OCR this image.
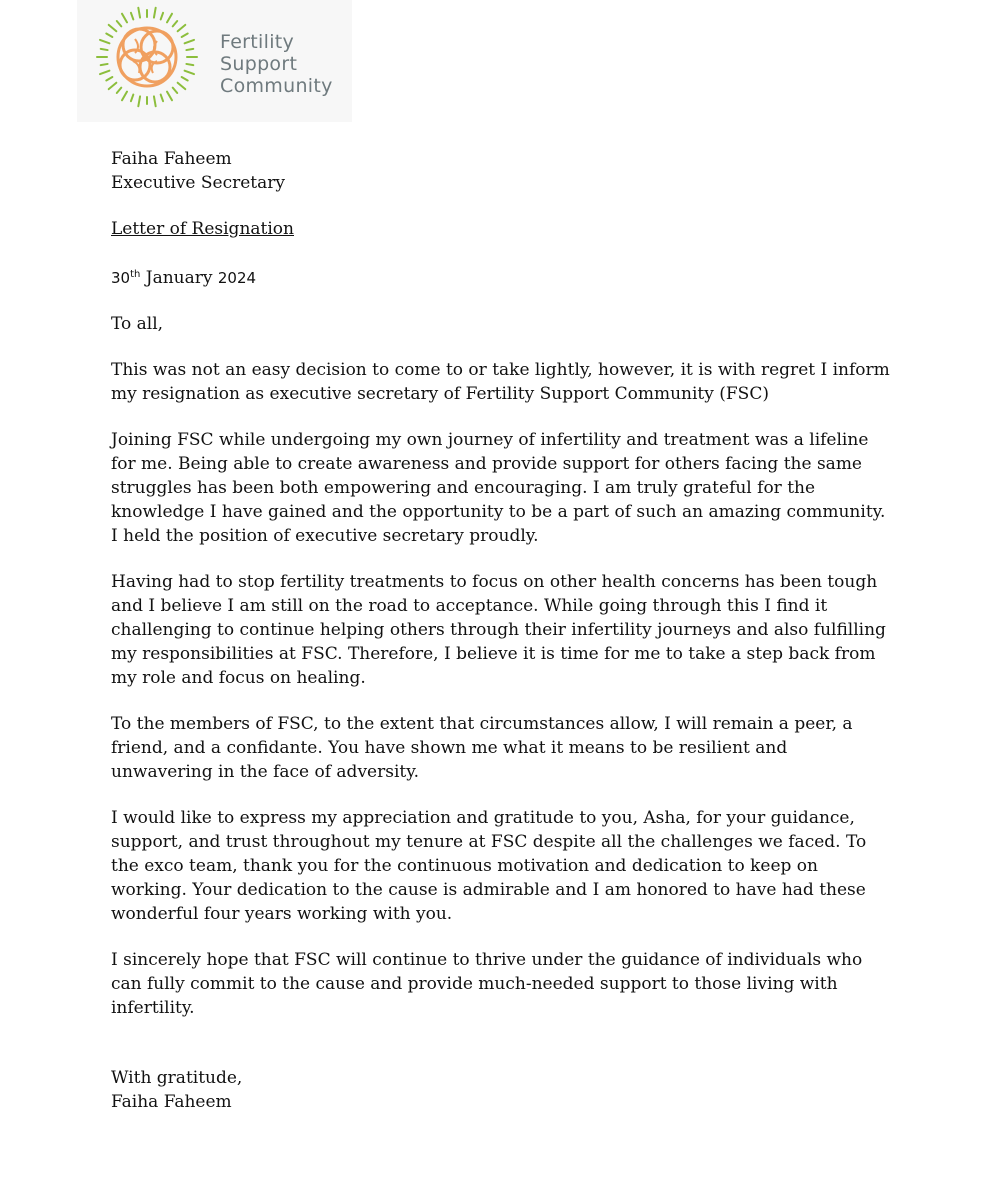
Fertility
Support
Community
Faiha Faheem
Executive Secretary
Letter of Resignation
30th January 2024
To all,

This was not an easy decision to come to or take lightly, however, it is with regret I inform my resignation as executive secretary of Fertility Support Community (FSC)

Joining FSC while undergoing my own journey of infertility and treatment was a lifeline for me. Being able to create awareness and provide support for others facing the same struggles has been both empowering and encouraging. I am truly grateful for the knowledge I have gained and the opportunity to be a part of such an amazing community. I held the position of executive secretary proudly.

Having had to stop fertility treatments to focus on other health concerns has been tough and I believe I am still on the road to acceptance. While going through this I find it challenging to continue helping others through their infertility journeys and also fulfilling my responsibilities at FSC. Therefore, I believe it is time for me to take a step back from my role and focus on healing.

To the members of FSC, to the extent that circumstances allow, I will remain a peer, a friend, and a confidante. You have shown me what it means to be resilient and unwavering in the face of adversity.

I would like to express my appreciation and gratitude to you, Asha, for your guidance, support, and trust throughout my tenure at FSC despite all the challenges we faced. To the exco team, thank you for the continuous motivation and dedication to keep on working. Your dedication to the cause is admirable and I am honored to have had these wonderful four years working with you.

I sincerely hope that FSC will continue to thrive under the guidance of individuals who can fully commit to the cause and provide much-needed support to those living with infertility.

With gratitude,
Faiha Faheem
